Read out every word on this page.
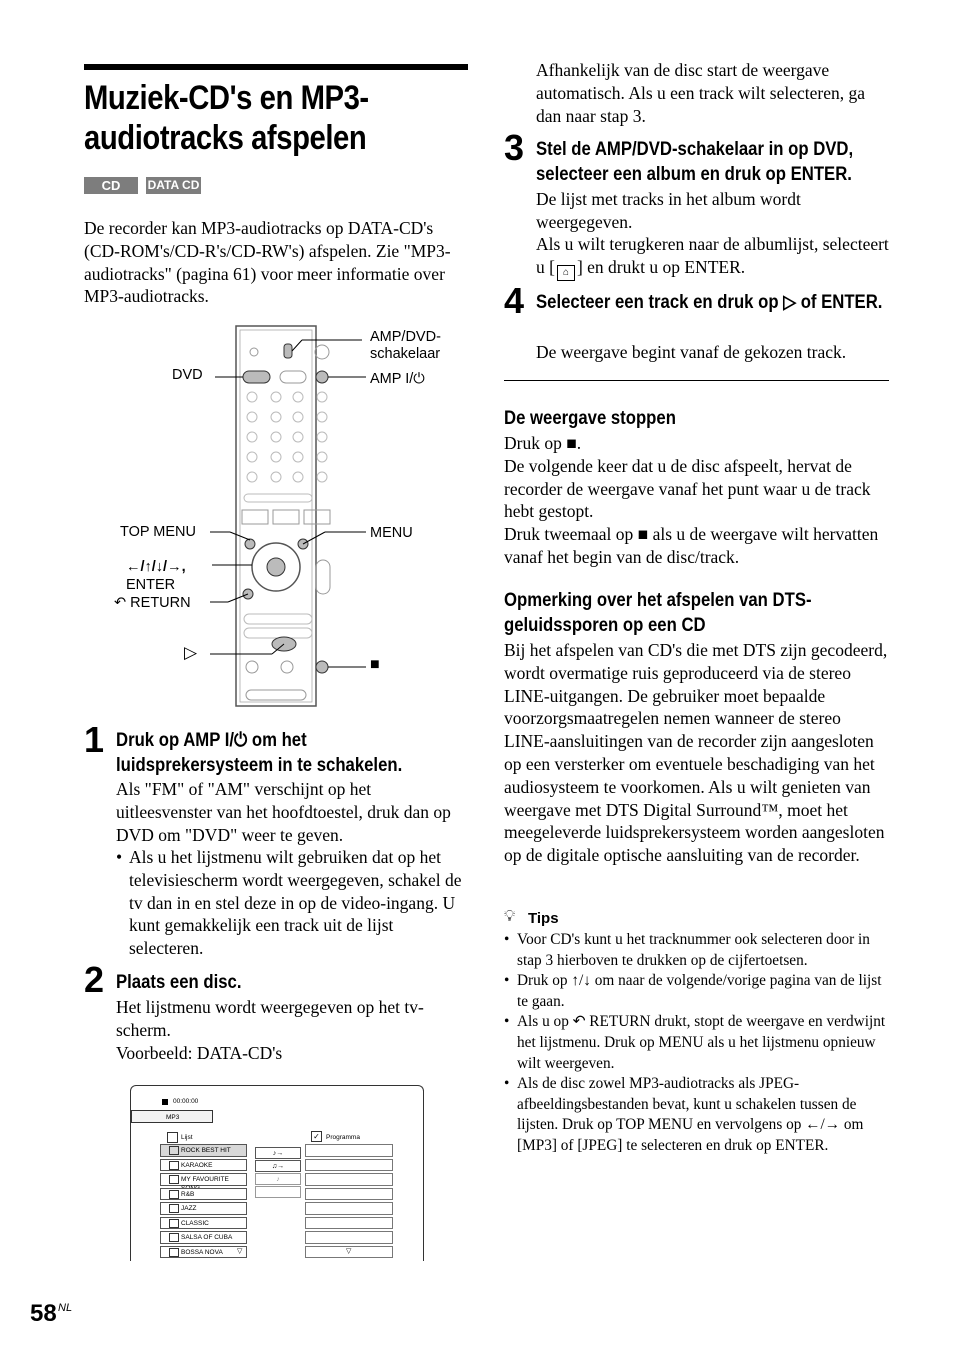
Muziek-CD's en MP3-audiotracks afspelen
CD	DATA CD
De recorder kan MP3-audiotracks op DATA-CD's (CD-ROM's/CD-R's/CD-RW's) afspelen. Zie "MP3-audiotracks" (pagina 61) voor meer informatie over MP3-audiotracks.
DVD
AMP/DVD-
schakelaar
AMP I/⏻
TOP MENU	MENU
←/↑/↓/→,
ENTER
↶ RETURN
▷
■
1 Druk op AMP I/⏻ om het luidsprekersysteem in te schakelen.
Als "FM" of "AM" verschijnt op het uitleesvenster van het hoofdtoestel, druk dan op DVD om "DVD" weer te geven.
• Als u het lijstmenu wilt gebruiken dat op het televisiescherm wordt weergegeven, schakel de tv dan in en stel deze in op de video-ingang. U kunt gemakkelijk een track uit de lijst selecteren.
2 Plaats een disc.
Het lijstmenu wordt weergegeven op het tv-scherm.
Voorbeeld: DATA-CD's
00:00:00
MP3
Lijst	✓ Programma
ROCK BEST HIT
KARAOKE
MY FAVOURITE
R&B
JAZZ
CLASSIC
SALSA OF CUBA
BOSSA NOVA
♪→
♫→
♪
▽	▽
58 NL
Afhankelijk van de disc start de weergave automatisch. Als u een track wilt selecteren, ga dan naar stap 3.
3 Stel de AMP/DVD-schakelaar in op DVD, selecteer een album en druk op ENTER.
De lijst met tracks in het album wordt weergegeven.
Als u wilt terugkeren naar de albumlijst, selecteert u [ ⌂ ] en drukt u op ENTER.
4 Selecteer een track en druk op ▷ of ENTER.
De weergave begint vanaf de gekozen track.
De weergave stoppen
Druk op ■.
De volgende keer dat u de disc afspeelt, hervat de recorder de weergave vanaf het punt waar u de track hebt gestopt.
Druk tweemaal op ■ als u de weergave wilt hervatten vanaf het begin van de disc/track.
Opmerking over het afspelen van DTS-geluidssporen op een CD
Bij het afspelen van CD's die met DTS zijn gecodeerd, wordt overmatige ruis geproduceerd via de stereo LINE-uitgangen. De gebruiker moet bepaalde voorzorgsmaatregelen nemen wanneer de stereo LINE-aansluitingen van de recorder zijn aangesloten op een versterker om eventuele beschadiging van het audiosysteem te voorkomen. Als u wilt genieten van weergave met DTS Digital Surround™, moet het meegeleverde luidsprekersysteem worden aangesloten op de digitale optische aansluiting van de recorder.
💡︎ Tips
• Voor CD's kunt u het tracknummer ook selecteren door in stap 3 hierboven te drukken op de cijfertoetsen.
• Druk op ↑/↓ om naar de volgende/vorige pagina van de lijst te gaan.
• Als u op ↶ RETURN drukt, stopt de weergave en verdwijnt het lijstmenu. Druk op MENU als u het lijstmenu opnieuw wilt weergeven.
• Als de disc zowel MP3-audiotracks als JPEG-afbeeldingsbestanden bevat, kunt u schakelen tussen de lijsten. Druk op TOP MENU en vervolgens op ←/→ om [MP3] of [JPEG] te selecteren en druk op ENTER.
